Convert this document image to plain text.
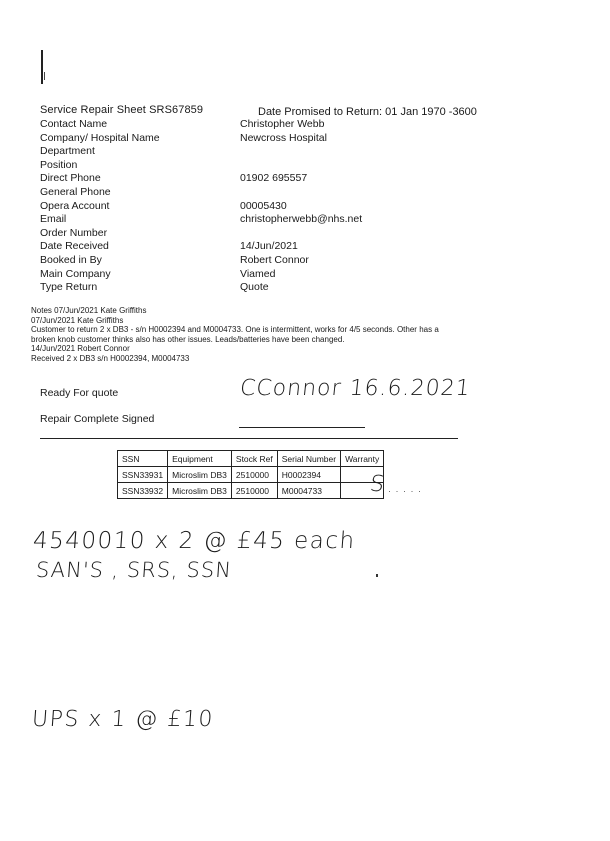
Service Repair Sheet SRS67859	Date Promised to Return: 01 Jan 1970 -3600
Contact Name	Christopher Webb
Company/ Hospital Name	Newcross Hospital
Department
Position
Direct Phone	01902 695557
General Phone
Opera Account	00005430
Email	christopherwebb@nhs.net
Order Number
Date Received	14/Jun/2021
Booked in By	Robert Connor
Main Company	Viamed
Type Return	Quote
Notes 07/Jun/2021 Kate Griffiths
07/Jun/2021 Kate Griffiths
Customer to return 2 x DB3 - s/n H0002394 and M0004733. One is intermittent, works for 4/5 seconds. Other has a
broken knob customer thinks also has other issues. Leads/batteries have been changed.
14/Jun/2021 Robert Connor
Received 2 x DB3 s/n H0002394, M0004733
Ready For quote	CConnor 16.6.2021
Repair Complete Signed
SSN	Equipment	Stock Ref	Serial Number	Warranty
SSN33931	Microslim DB3	2510000	H0002394	
SSN33932	Microslim DB3	2510000	M0004733	S · · · · ·
4540010 x 2 @ £45 each
SAN'S , SRS, SSN
UPS x 1 @ £10
